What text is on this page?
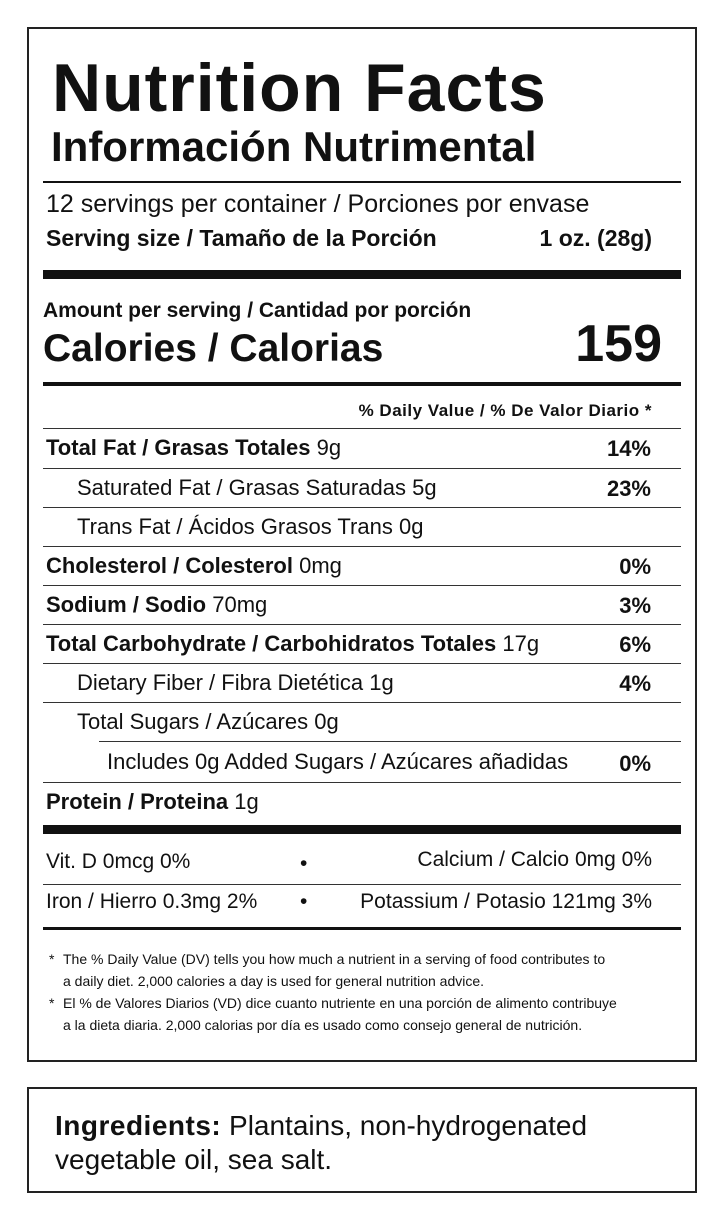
Nutrition Facts
Información Nutrimental
12 servings per container / Porciones por envase
Serving size / Tamaño de la Porción	1 oz. (28g)
Amount per serving / Cantidad por porción
Calories / Calorias	159
% Daily Value / % De Valor Diario *
Total Fat / Grasas Totales 9g	14%
Saturated Fat / Grasas Saturadas 5g	23%
Trans Fat / Ácidos Grasos Trans 0g
Cholesterol / Colesterol 0mg	0%
Sodium / Sodio 70mg	3%
Total Carbohydrate / Carbohidratos Totales 17g	6%
Dietary Fiber / Fibra Dietética 1g	4%
Total Sugars / Azúcares 0g
Includes 0g Added Sugars / Azúcares añadidas 0%
Protein / Proteina 1g
Vit. D 0mcg 0%	•	Calcium / Calcio 0mg 0%
Iron / Hierro 0.3mg 2% •	Potassium / Potasio 121mg 3%
* The % Daily Value (DV) tells you how much a nutrient in a serving of food contributes to
a daily diet. 2,000 calories a day is used for general nutrition advice.
* El % de Valores Diarios (VD) dice cuanto nutriente en una porción de alimento contribuye
a la dieta diaria. 2,000 calorias por día es usado como consejo general de nutrición.
Ingredients: Plantains, non-hydrogenated vegetable oil, sea salt.
